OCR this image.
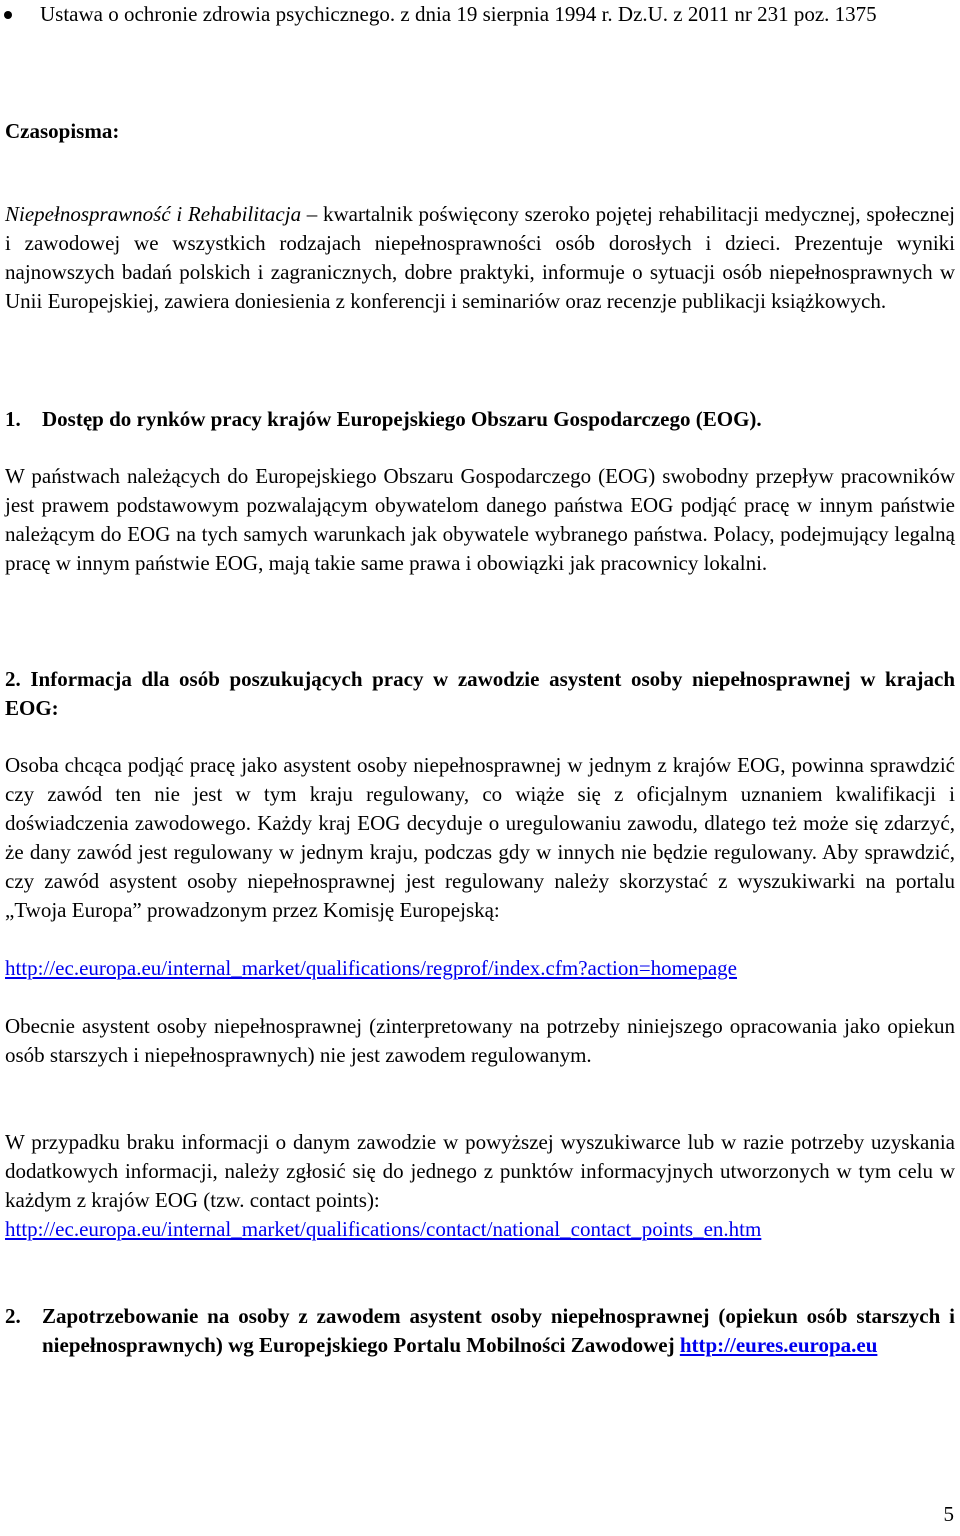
Ustawa o ochronie zdrowia psychicznego. z dnia 19 sierpnia 1994 r. Dz.U. z 2011 nr 231 poz. 1375
Czasopisma:

Niepełnosprawność i Rehabilitacja – kwartalnik poświęcony szeroko pojętej rehabilitacji medycznej, społecznej i zawodowej we wszystkich rodzajach niepełnosprawności osób dorosłych i dzieci. Prezentuje wyniki najnowszych badań polskich i zagranicznych, dobre praktyki, informuje o sytuacji osób niepełnosprawnych w Unii Europejskiej, zawiera doniesienia z konferencji i seminariów oraz recenzje publikacji książkowych.

1.	Dostęp do rynków pracy krajów Europejskiego Obszaru Gospodarczego (EOG).

W państwach należących do Europejskiego Obszaru Gospodarczego (EOG) swobodny przepływ pracowników jest prawem podstawowym pozwalającym obywatelom danego państwa EOG podjąć pracę w innym państwie należącym do EOG na tych samych warunkach jak obywatele wybranego państwa. Polacy, podejmujący legalną pracę w innym państwie EOG, mają takie same prawa i obowiązki jak pracownicy lokalni.

2. Informacja dla osób poszukujących pracy w zawodzie asystent osoby niepełnosprawnej w krajach EOG:

Osoba chcąca podjąć pracę jako asystent osoby niepełnosprawnej w jednym z krajów EOG, powinna sprawdzić czy zawód ten nie jest w tym kraju regulowany, co wiąże się z oficjalnym uznaniem kwalifikacji i doświadczenia zawodowego. Każdy kraj EOG decyduje o uregulowaniu zawodu, dlatego też może się zdarzyć, że dany zawód jest regulowany w jednym kraju, podczas gdy w innych nie będzie regulowany. Aby sprawdzić, czy zawód asystent osoby niepełnosprawnej jest regulowany należy skorzystać z wyszukiwarki na portalu „Twoja Europa” prowadzonym przez Komisję Europejską:

http://ec.europa.eu/internal_market/qualifications/regprof/index.cfm?action=homepage

Obecnie asystent osoby niepełnosprawnej (zinterpretowany na potrzeby niniejszego opracowania jako opiekun osób starszych i niepełnosprawnych) nie jest zawodem regulowanym.

W przypadku braku informacji o danym zawodzie w powyższej wyszukiwarce lub w razie potrzeby uzyskania dodatkowych informacji, należy zgłosić się do jednego z punktów informacyjnych utworzonych w tym celu w każdym z krajów EOG (tzw. contact points):

http://ec.europa.eu/internal_market/qualifications/contact/national_contact_points_en.htm
2.	Zapotrzebowanie na osoby z zawodem asystent osoby niepełnosprawnej (opiekun osób starszych i niepełnosprawnych) wg Europejskiego Portalu Mobilności Zawodowej http://eures.europa.eu
5
